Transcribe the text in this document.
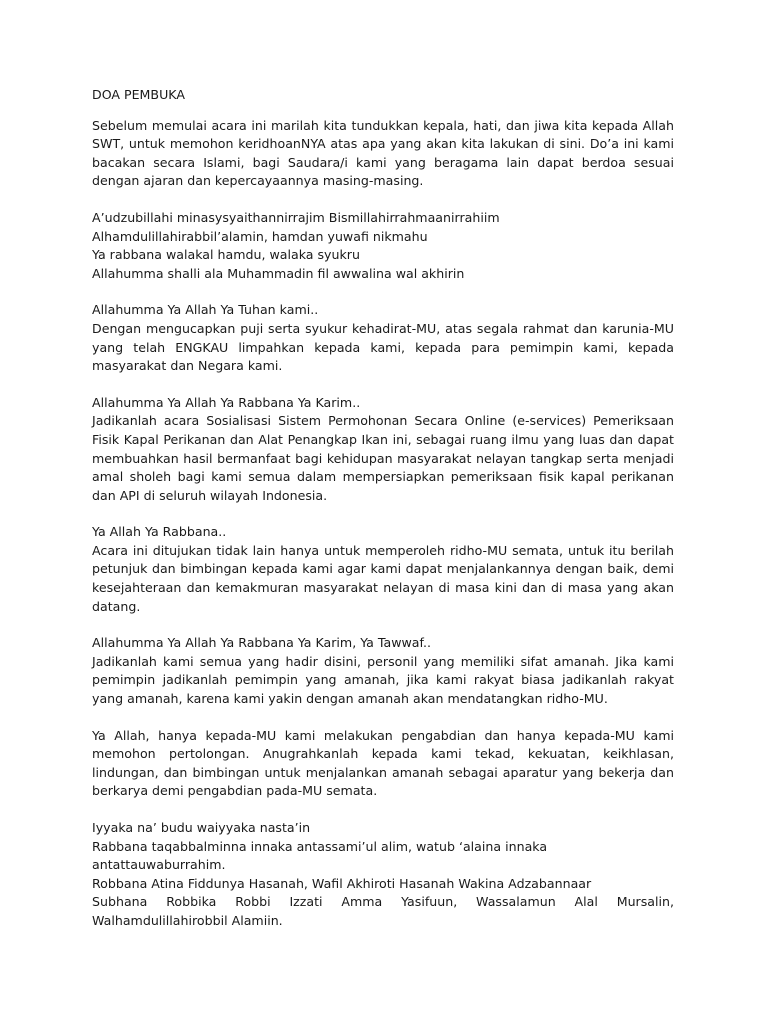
DOA PEMBUKA
Sebelum memulai acara ini marilah kita tundukkan kepala, hati, dan jiwa kita kepada Allah SWT, untuk memohon keridhoanNYA atas apa yang akan kita lakukan di sini. Do’a ini kami bacakan secara Islami, bagi Saudara/i kami yang beragama lain dapat berdoa sesuai dengan ajaran dan kepercayaannya masing-masing.
A’udzubillahi minasysyaithannirrajim Bismillahirrahmaanirrahiim
Alhamdulillahirabbil’alamin, hamdan yuwafi nikmahu
Ya rabbana walakal hamdu, walaka syukru
Allahumma shalli ala Muhammadin fil awwalina wal akhirin
Allahumma Ya Allah Ya Tuhan kami..
Dengan mengucapkan puji serta syukur kehadirat-MU, atas segala rahmat dan karunia-MU yang telah ENGKAU limpahkan kepada kami, kepada para pemimpin kami, kepada masyarakat dan Negara kami.
Allahumma Ya Allah Ya Rabbana Ya Karim..
Jadikanlah acara Sosialisasi Sistem Permohonan Secara Online (e-services) Pemeriksaan Fisik Kapal Perikanan dan Alat Penangkap Ikan ini, sebagai ruang ilmu yang luas dan dapat membuahkan hasil bermanfaat bagi kehidupan masyarakat nelayan tangkap serta menjadi amal sholeh bagi kami semua dalam mempersiapkan pemeriksaan fisik kapal perikanan dan API di seluruh wilayah Indonesia.
Ya Allah Ya Rabbana..
Acara ini ditujukan tidak lain hanya untuk memperoleh ridho-MU semata, untuk itu berilah petunjuk dan bimbingan kepada kami agar kami dapat menjalankannya dengan baik, demi kesejahteraan dan kemakmuran masyarakat nelayan di masa kini dan di masa yang akan datang.
Allahumma Ya Allah Ya Rabbana Ya Karim, Ya Tawwaf..
Jadikanlah kami semua yang hadir disini, personil yang memiliki sifat amanah. Jika kami pemimpin jadikanlah pemimpin yang amanah, jika kami rakyat biasa jadikanlah rakyat yang amanah, karena kami yakin dengan amanah akan mendatangkan ridho-MU.
Ya Allah, hanya kepada-MU kami melakukan pengabdian dan hanya kepada-MU kami memohon pertolongan. Anugrahkanlah kepada kami tekad, kekuatan, keikhlasan, lindungan, dan bimbingan untuk menjalankan amanah sebagai aparatur yang bekerja dan berkarya demi pengabdian pada-MU semata.
Iyyaka na’ budu waiyyaka nasta’in
Rabbana taqabbalminna innaka antassami’ul alim, watub ‘alaina innaka antattauwaburrahim.
Robbana Atina Fiddunya Hasanah, Wafil Akhiroti Hasanah Wakina Adzabannaar
Subhana Robbika Robbi Izzati Amma Yasifuun, Wassalamun Alal Mursalin,
Walhamdulillahirobbil Alamiin.
